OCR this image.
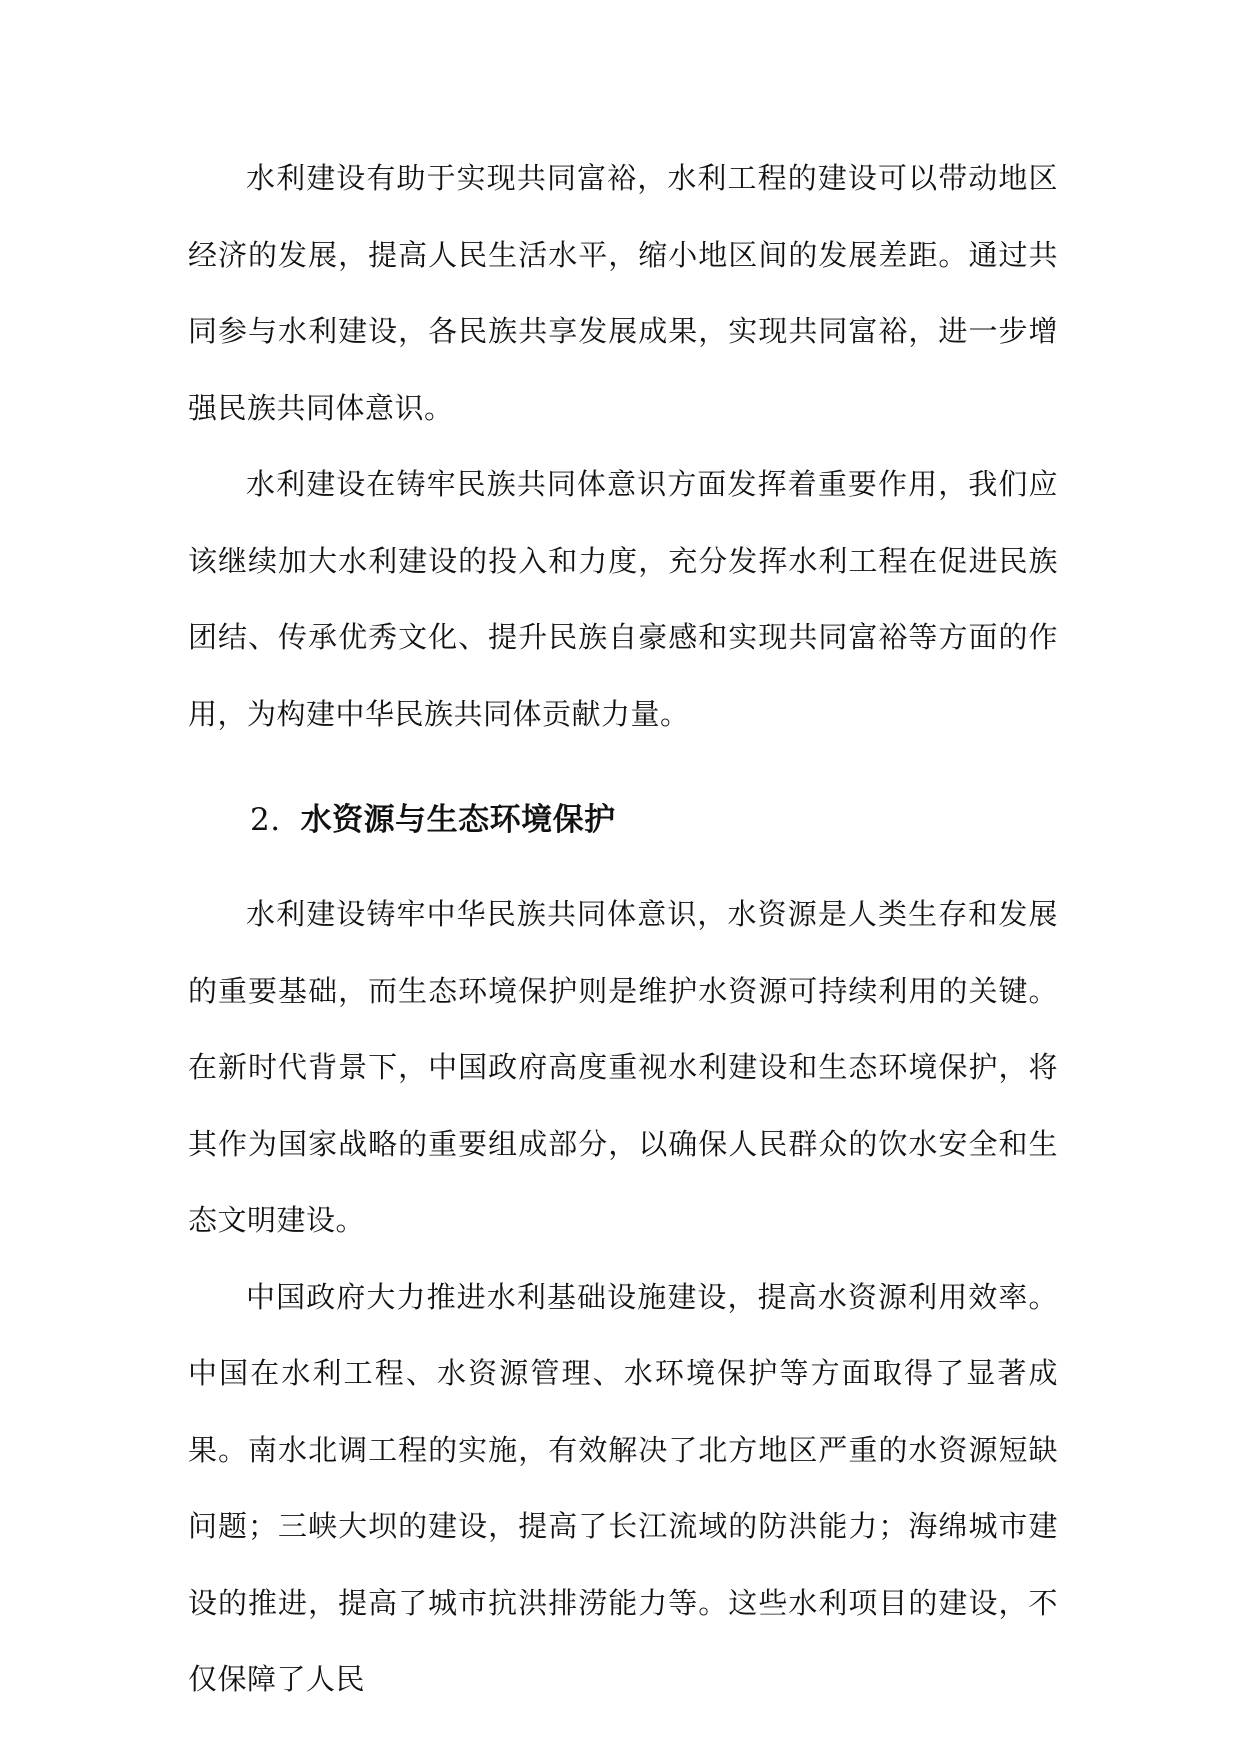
水利建设有助于实现共同富裕，水利工程的建设可以带动地区经济的发展，提高人民生活水平，缩小地区间的发展差距。通过共同参与水利建设，各民族共享发展成果，实现共同富裕，进一步增强民族共同体意识。

水利建设在铸牢民族共同体意识方面发挥着重要作用，我们应该继续加大水利建设的投入和力度，充分发挥水利工程在促进民族团结、传承优秀文化、提升民族自豪感和实现共同富裕等方面的作用，为构建中华民族共同体贡献力量。

2. 水资源与生态环境保护

水利建设铸牢中华民族共同体意识，水资源是人类生存和发展的重要基础，而生态环境保护则是维护水资源可持续利用的关键。在新时代背景下，中国政府高度重视水利建设和生态环境保护，将其作为国家战略的重要组成部分，以确保人民群众的饮水安全和生态文明建设。

中国政府大力推进水利基础设施建设，提高水资源利用效率。中国在水利工程、水资源管理、水环境保护等方面取得了显著成果。南水北调工程的实施，有效解决了北方地区严重的水资源短缺问题；三峡大坝的建设，提高了长江流域的防洪能力；海绵城市建设的推进，提高了城市抗洪排涝能力等。这些水利项目的建设，不仅保障了人民
